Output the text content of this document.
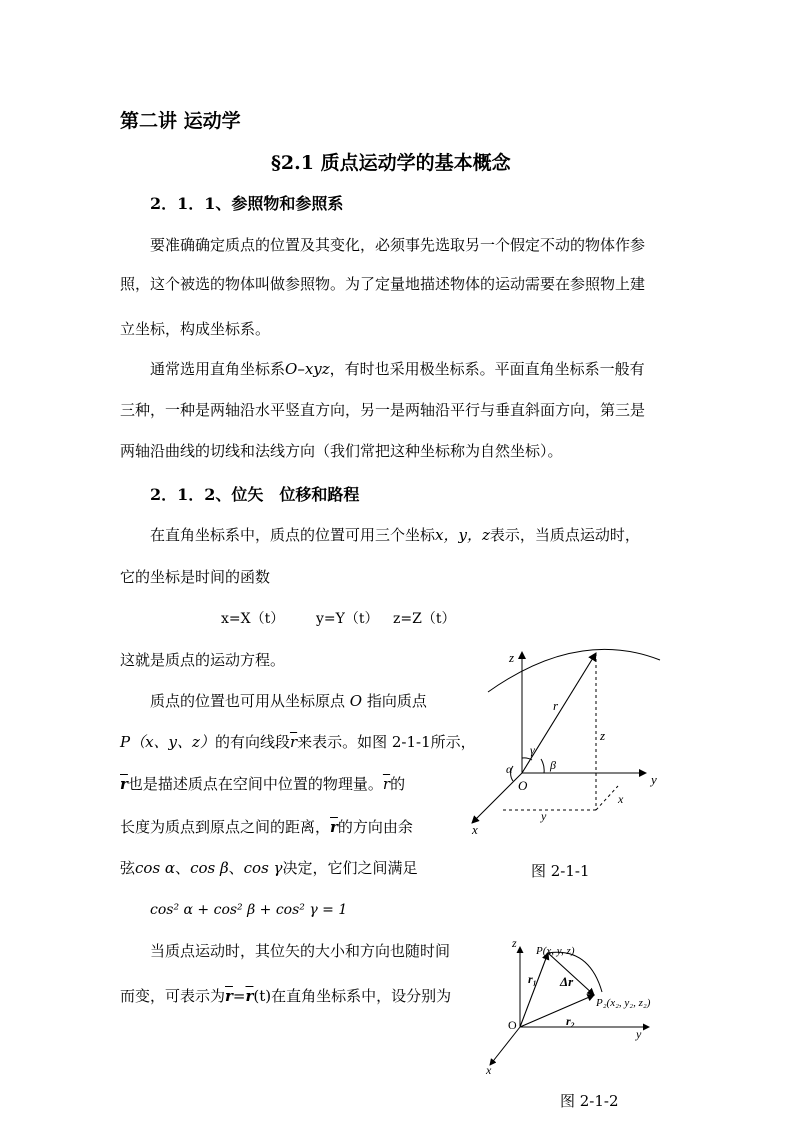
第二讲 运动学
§2.1 质点运动学的基本概念
2．1．1、参照物和参照系
要准确确定质点的位置及其变化，必须事先选取另一个假定不动的物体作参
照，这个被选的物体叫做参照物。为了定量地描述物体的运动需要在参照物上建
立坐标，构成坐标系。
通常选用直角坐标系O–xyz，有时也采用极坐标系。平面直角坐标系一般有
三种，一种是两轴沿水平竖直方向，另一是两轴沿平行与垂直斜面方向，第三是
两轴沿曲线的切线和法线方向（我们常把这种坐标称为自然坐标）。
2．1．2、位矢　位移和路程
在直角坐标系中，质点的位置可用三个坐标x，y，z表示，当质点运动时，
它的坐标是时间的函数
x=X（t） y=Y（t） z=Z（t）
这就是质点的运动方程。
质点的位置也可用从坐标原点 O 指向质点
P（x、y、z）的有向线段$\overline{r}$来表示。如图 2-1-1所示，
$\overline{r}$也是描述质点在空间中位置的物理量。$\overline{r}$的
长度为质点到原点之间的距离，$\overline{r}$的方向由余
弦cos α、cos β、cos γ决定，它们之间满足
cos² α + cos² β + cos² γ = 1
当质点运动时，其位矢的大小和方向也随时间
而变，可表示为$\overline{r}=\overline{r}(t)$在直角坐标系中，设分别为
z
y
x
O
r
γ
α	β
z
x
y
图 2-1-1
z
y
x
O
P(x, y, z)
P₂(x₂, y₂, z₂)
r₁
r₂
Δr
图 2-1-2
